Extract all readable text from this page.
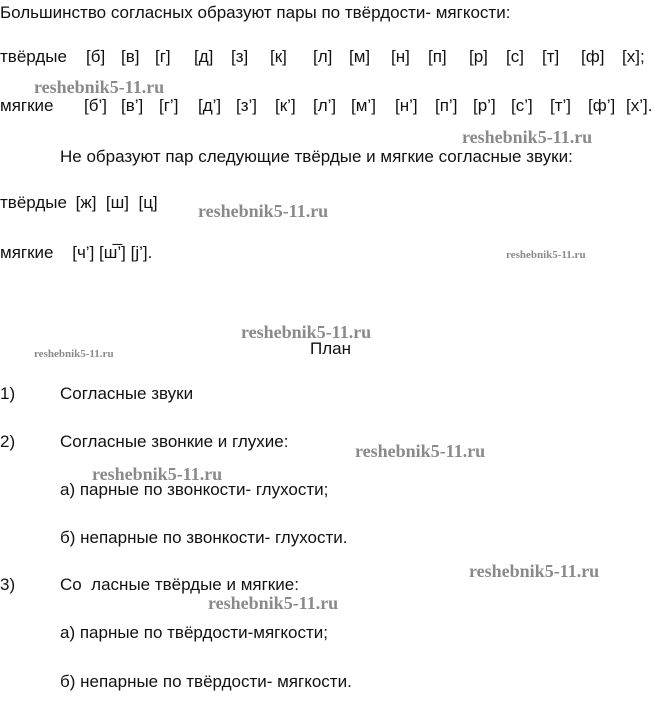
Большинство согласных образуют пары по твёрдости- мягкости:
твёрдые [б] [в] [г] [д] [з] [к] [л] [м] [н] [п] [р] [с] [т] [ф] [х];
мягкие [б’] [в’] [г’] [д’] [з’] [к’] [л’] [м’] [н’] [п’] [р’] [с’] [т’] [ф’] [х’].
Не образуют пар следующие твёрдые и мягкие согласные звуки:
твёрдые [ж]  [ш]  [ц]
мягкие [ч’] [ш̅’] [j’].
План
1)	Согласные звуки
2)	Согласные звонкие и глухие:
а) парные по звонкости- глухости;
б) непарные по звонкости- глухости.
3)	Со  ласные твёрдые и мягкие:
а) парные по твёрдости-мягкости;
б) непарные по твёрдости- мягкости.
reshebnik5-11.ru
reshebnik5-11.ru
reshebnik5-11.ru
reshebnik5-11.ru
reshebnik5-11.ru
reshebnik5-11.ru
reshebnik5-11.ru
reshebnik5-11.ru
reshebnik5-11.ru
reshebnik5-11.ru
